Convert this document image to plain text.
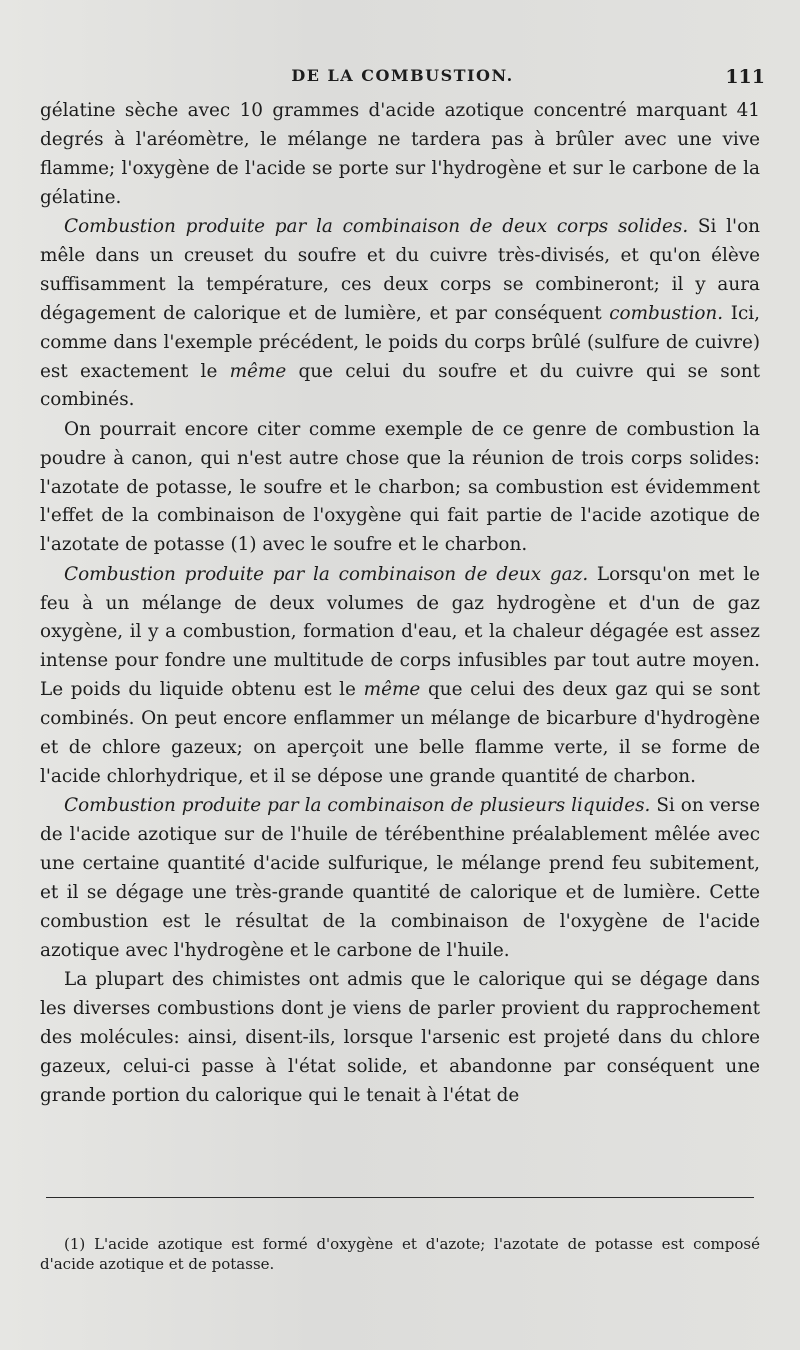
DE LA COMBUSTION.	111

gélatine sèche avec 10 grammes d'acide azotique concentré marquant 41 degrés à l'aréomètre, le mélange ne tardera pas à brûler avec une vive flamme; l'oxygène de l'acide se porte sur l'hydrogène et sur le carbone de la gélatine.

Combustion produite par la combinaison de deux corps solides. Si l'on mêle dans un creuset du soufre et du cuivre très-divisés, et qu'on élève suffisamment la température, ces deux corps se combineront; il y aura dégagement de calorique et de lumière, et par conséquent combustion. Ici, comme dans l'exemple précédent, le poids du corps brûlé (sulfure de cuivre) est exactement le même que celui du soufre et du cuivre qui se sont combinés.

On pourrait encore citer comme exemple de ce genre de combustion la poudre à canon, qui n'est autre chose que la réunion de trois corps solides: l'azotate de potasse, le soufre et le charbon; sa combustion est évidemment l'effet de la combinaison de l'oxygène qui fait partie de l'acide azotique de l'azotate de potasse (1) avec le soufre et le charbon.

Combustion produite par la combinaison de deux gaz. Lorsqu'on met le feu à un mélange de deux volumes de gaz hydrogène et d'un de gaz oxygène, il y a combustion, formation d'eau, et la chaleur dégagée est assez intense pour fondre une multitude de corps infusibles par tout autre moyen. Le poids du liquide obtenu est le même que celui des deux gaz qui se sont combinés. On peut encore enflammer un mélange de bicarbure d'hydrogène et de chlore gazeux; on aperçoit une belle flamme verte, il se forme de l'acide chlorhydrique, et il se dépose une grande quantité de charbon.

Combustion produite par la combinaison de plusieurs liquides. Si on verse de l'acide azotique sur de l'huile de térébenthine préalablement mêlée avec une certaine quantité d'acide sulfurique, le mélange prend feu subitement, et il se dégage une très-grande quantité de calorique et de lumière. Cette combustion est le résultat de la combinaison de l'oxygène de l'acide azotique avec l'hydrogène et le carbone de l'huile.

La plupart des chimistes ont admis que le calorique qui se dégage dans les diverses combustions dont je viens de parler provient du rapprochement des molécules: ainsi, disent-ils, lorsque l'arsenic est projeté dans du chlore gazeux, celui-ci passe à l'état solide, et abandonne par conséquent une grande portion du calorique qui le tenait à l'état de

(1) L'acide azotique est formé d'oxygène et d'azote; l'azotate de potasse est composé d'acide azotique et de potasse.
